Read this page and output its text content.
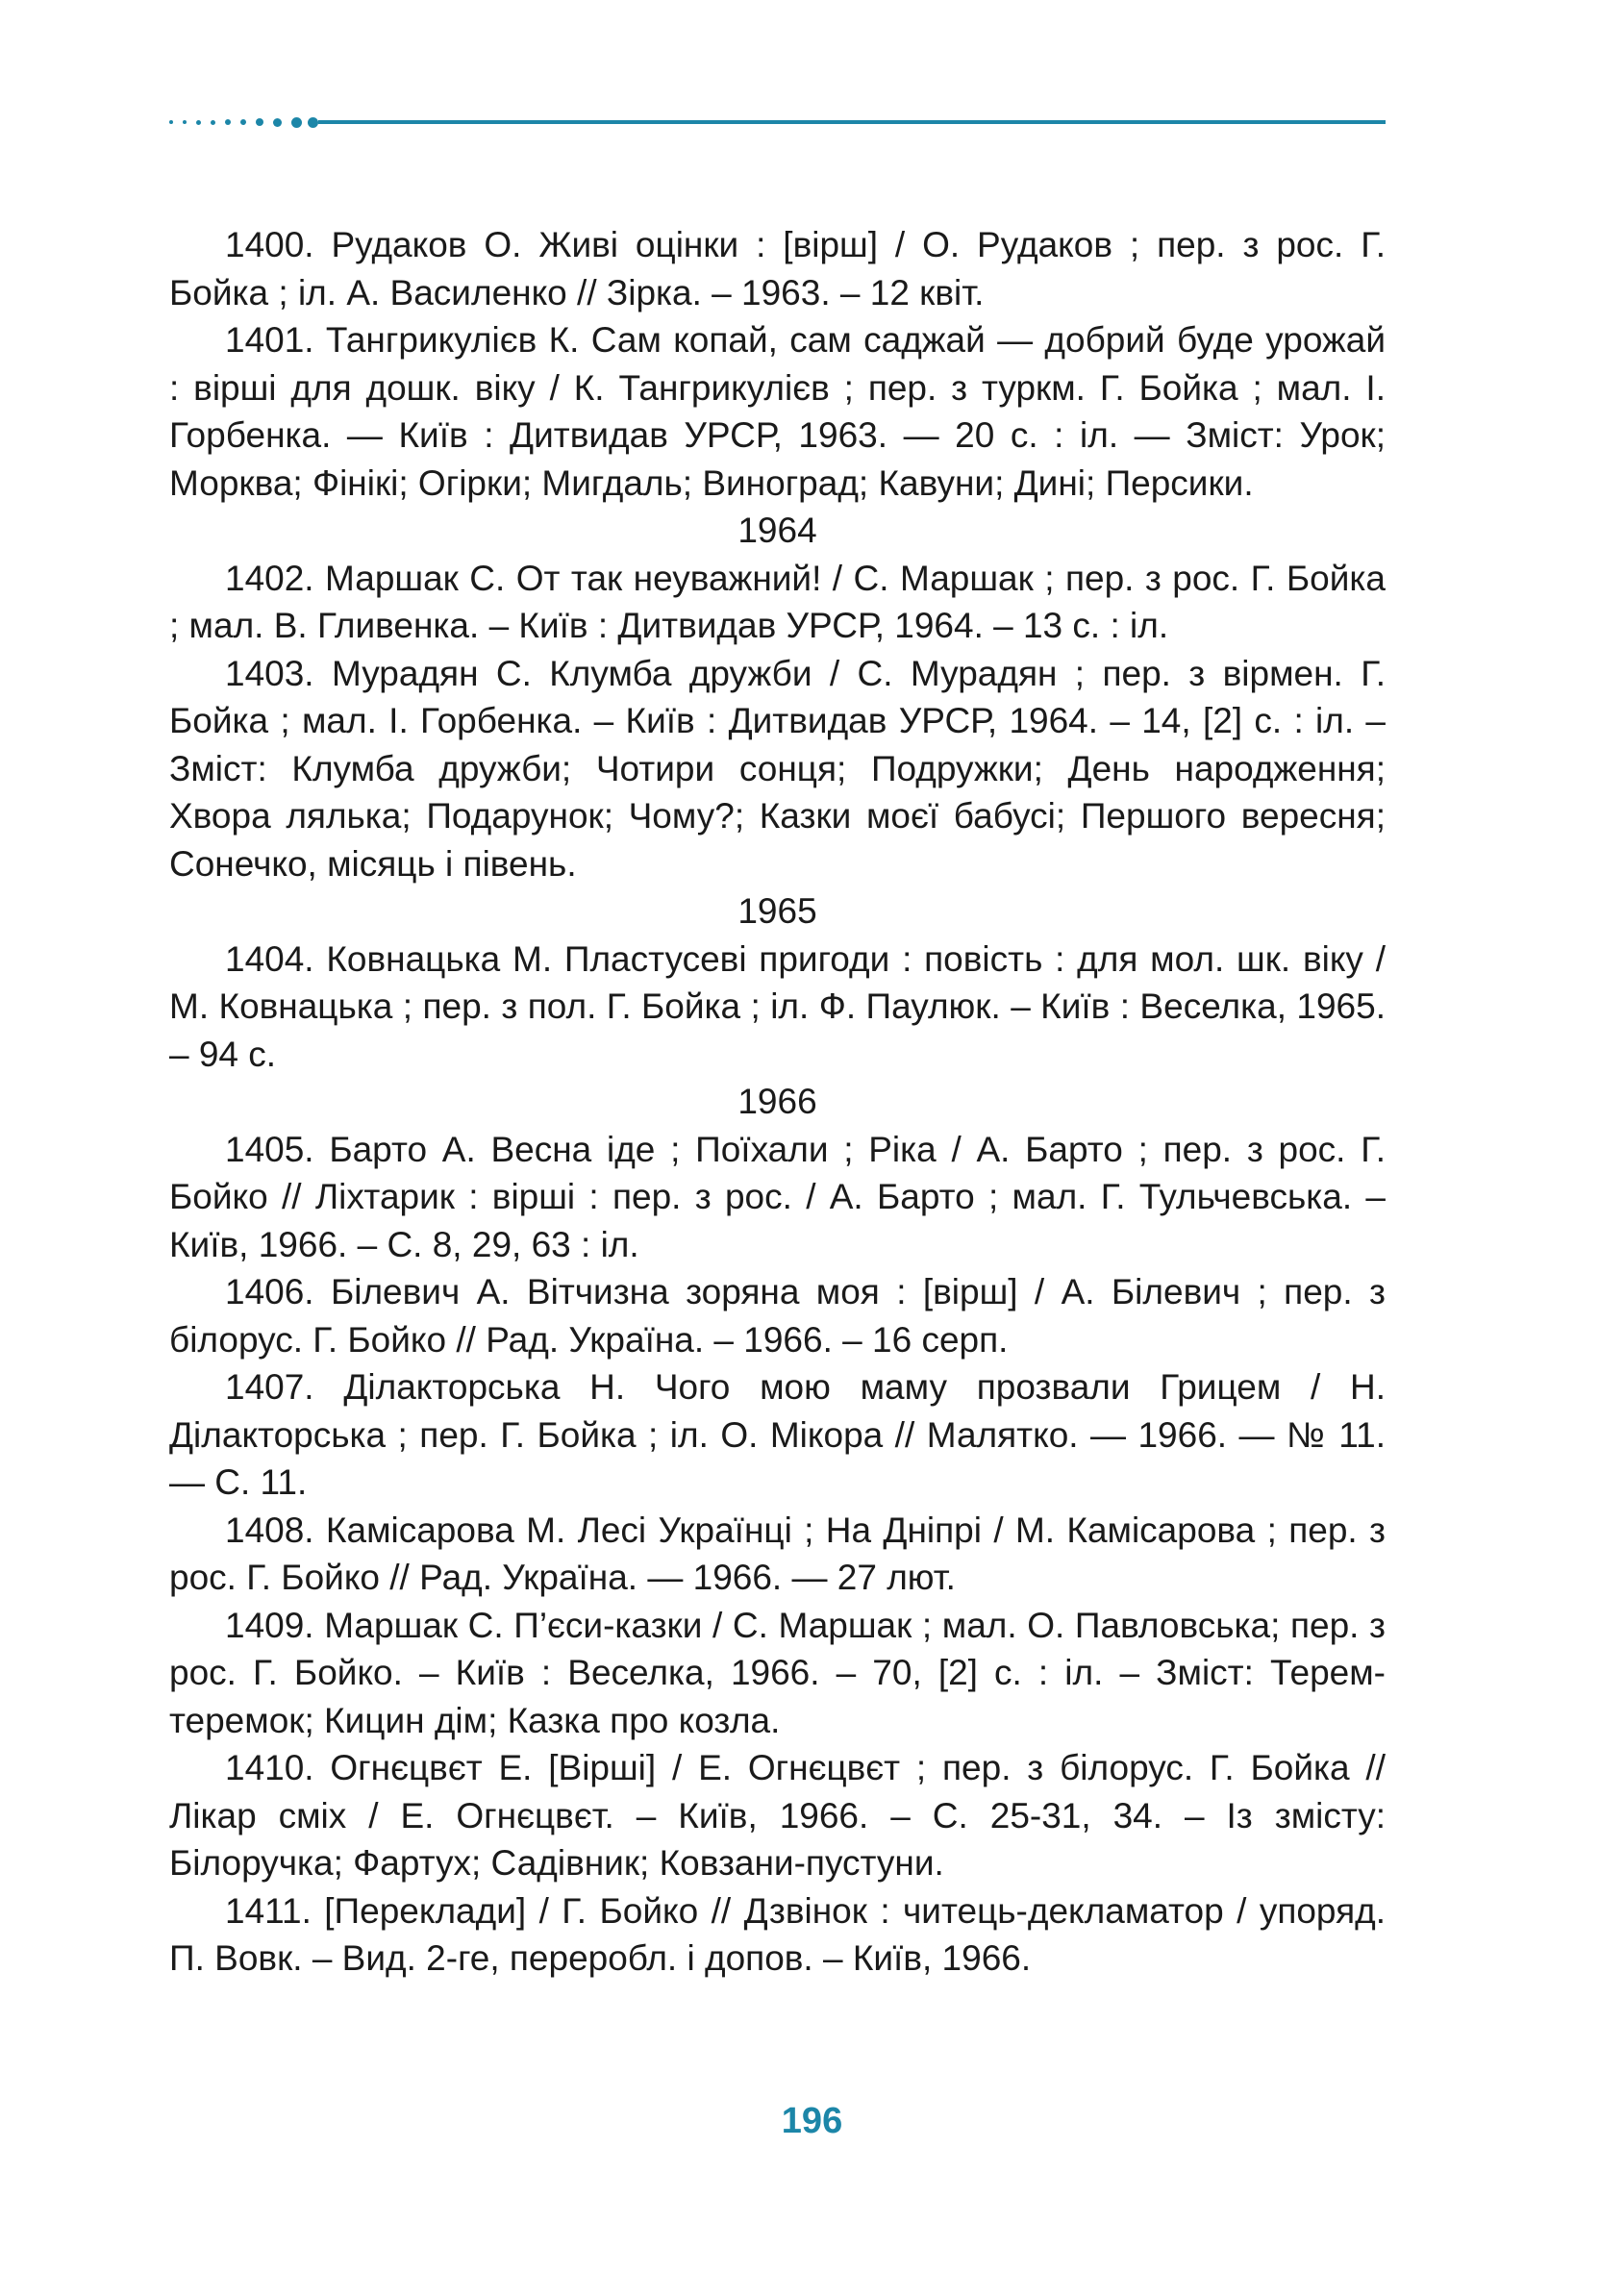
1400. Рудаков О. Живі оцінки : [вірш] / О. Рудаков ; пер. з рос. Г. Бойка ; іл. А. Василенко // Зірка. – 1963. – 12 квіт.

1401. Тангрикулієв К. Сам копай, сам саджай — добрий буде урожай : вірші для дошк. віку / К. Тангрикулієв ; пер. з туркм. Г. Бойка ; мал. І. Горбенка. — Київ : Дитвидав УРСР, 1963. — 20 с. : іл. — Зміст: Урок; Морква; Фінікі; Огірки; Мигдаль; Виноград; Кавуни; Дині; Персики.

1964

1402. Маршак С. От так неуважний! / С. Маршак ; пер. з рос. Г. Бойка ; мал. В. Гливенка. – Київ : Дитвидав УРСР, 1964. – 13 с. : іл.

1403. Мурадян С. Клумба дружби / С. Мурадян ; пер. з вірмен. Г. Бойка ; мал. І. Горбенка. – Київ : Дитвидав УРСР, 1964. – 14, [2] с. : іл. – Зміст: Клумба дружби; Чотири сонця; Подружки; День народження; Хвора лялька; Подарунок; Чому?; Казки моєї бабусі; Першого вересня; Сонечко, місяць і півень.

1965

1404. Ковнацька М. Пластусеві пригоди : повість : для мол. шк. віку / М. Ковнацька ; пер. з пол. Г. Бойка ; іл. Ф. Паулюк. – Київ : Веселка, 1965. – 94 с.

1966

1405. Барто А. Весна іде ; Поїхали ; Ріка / А. Барто ; пер. з рос. Г. Бойко // Ліхтарик : вірші : пер. з рос. / А. Барто ; мал. Г. Тульчевська. – Київ, 1966. – С. 8, 29, 63 : іл.

1406. Білевич А. Вітчизна зоряна моя : [вірш] / А. Білевич ; пер. з білорус. Г. Бойко // Рад. Україна. – 1966. – 16 серп.

1407. Ділакторська Н. Чого мою маму прозвали Грицем / Н. Ділакторська ; пер. Г. Бойка ; іл. О. Мікора // Малятко. — 1966. — № 11. — С. 11.

1408. Камісарова М. Лесі Українці ; На Дніпрі / М. Камісарова ; пер. з рос. Г. Бойко // Рад. Україна. — 1966. — 27 лют.

1409. Маршак С. П’єси-казки / С. Маршак ; мал. О. Павловська; пер. з рос. Г. Бойко. – Київ : Веселка, 1966. – 70, [2] с. : іл. – Зміст: Терем-теремок; Кицин дім; Казка про козла.

1410. Огнєцвєт Е. [Вірші] / Е. Огнєцвєт ; пер. з білорус. Г. Бойка // Лікар сміх / Е. Огнєцвєт. – Київ, 1966. – С. 25-31, 34. – Із змісту: Білоручка; Фартух; Садівник; Ковзани-пустуни.

1411. [Переклади] / Г. Бойко // Дзвінок : читець-декламатор / упоряд. П. Вовк. – Вид. 2-ге, переробл. і допов. – Київ, 1966.

196
